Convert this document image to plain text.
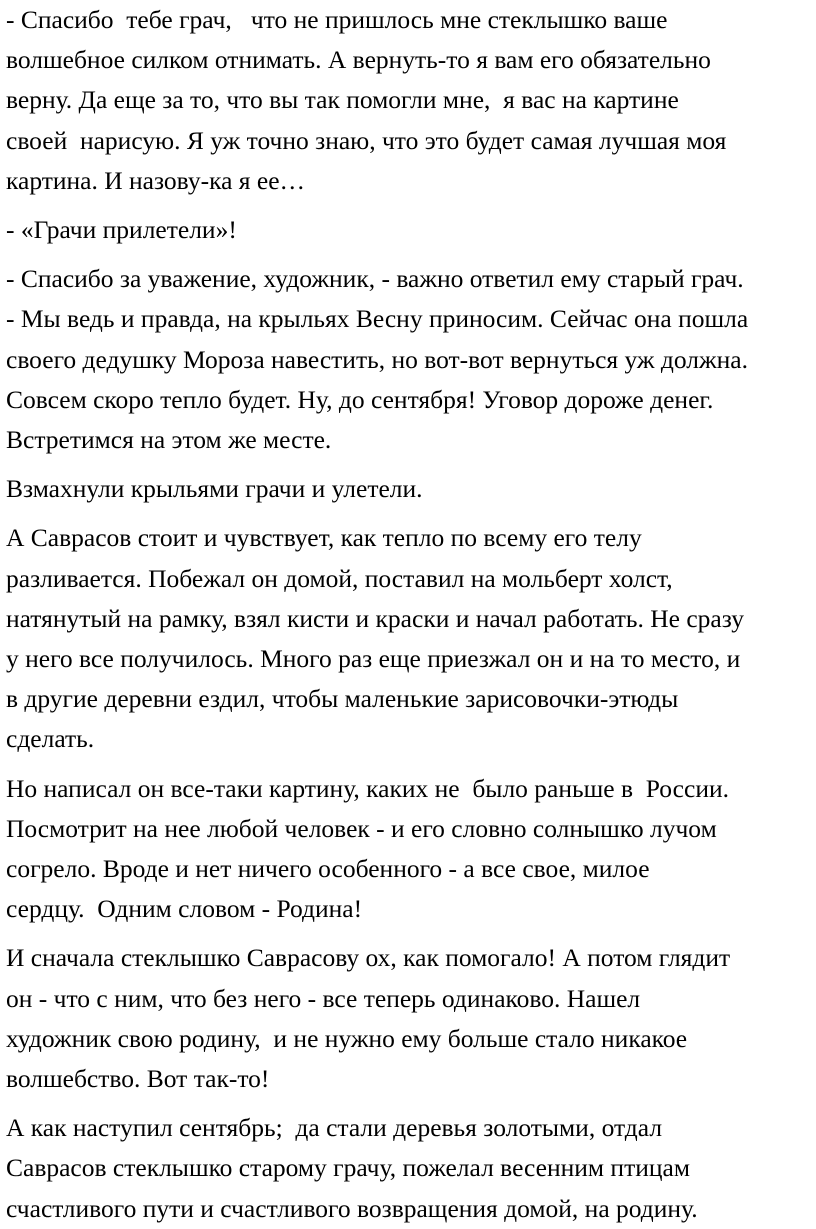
- Спасибо  тебе грач,   что не пришлось мне стеклышко ваше
волшебное силком отнимать. А вернуть-то я вам его обязательно
верну. Да еще за то, что вы так помогли мне,  я вас на картине
своей  нарисую. Я уж точно знаю, что это будет самая лучшая моя
картина. И назову-ка я ее…

- «Грачи прилетели»!

- Спасибо за уважение, художник, - важно ответил ему старый грач.
- Мы ведь и правда, на крыльях Весну приносим. Сейчас она пошла
своего дедушку Мороза навестить, но вот-вот вернуться уж должна.
Совсем скоро тепло будет. Ну, до сентября! Уговор дороже денег.
Встретимся на этом же месте.

Взмахнули крыльями грачи и улетели.

А Саврасов стоит и чувствует, как тепло по всему его телу
разливается. Побежал он домой, поставил на мольберт холст,
натянутый на рамку, взял кисти и краски и начал работать. Не сразу
у него все получилось. Много раз еще приезжал он и на то место, и
в другие деревни ездил, чтобы маленькие зарисовочки-этюды
сделать.

Но написал он все-таки картину, каких не  было раньше в  России.
Посмотрит на нее любой человек - и его словно солнышко лучом
согрело. Вроде и нет ничего особенного - а все свое, милое
сердцу.  Одним словом - Родина!

И сначала стеклышко Саврасову ох, как помогало! А потом глядит
он - что с ним, что без него - все теперь одинаково. Нашел
художник свою родину,  и не нужно ему больше стало никакое
волшебство. Вот так-то!

А как наступил сентябрь;  да стали деревья золотыми, отдал
Саврасов стеклышко старому грачу, пожелал весенним птицам
счастливого пути и счастливого возвращения домой, на родину.
